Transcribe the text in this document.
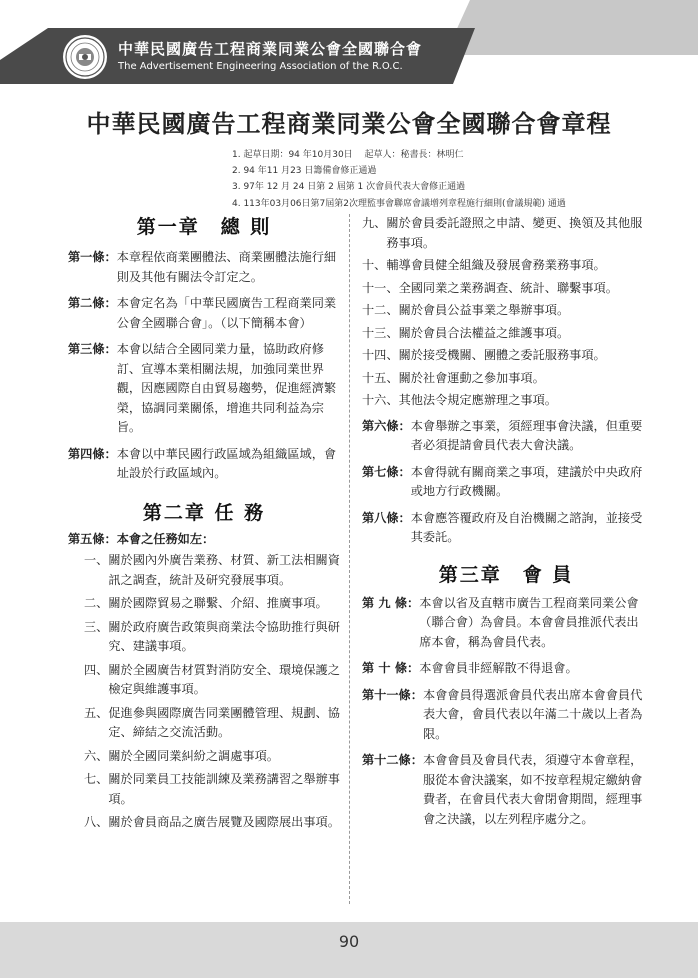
中華民國廣告工程商業同業公會全國聯合會
The Advertisement Engineering Association of the R.O.C.
中華民國廣告工程商業同業公會全國聯合會章程
1. 起草日期：94 年10月30日　 起草人：秘書長：林明仁
2. 94 年11 月23 日籌備會修正通過
3. 97年 12 月 24 日第 2 屆第 1 次會員代表大會修正通過
4. 113年03月06日第7屆第2次理監事會聯席會議增列章程施行細則(會議規範) 通過
第一章　總 則
第一條： 本章程依商業團體法、商業團體法施行細則及其他有關法令訂定之。
第二條： 本會定名為「中華民國廣告工程商業同業公會全國聯合會」。（以下簡稱本會）
第三條： 本會以結合全國同業力量，協助政府修訂、宣導本業相關法規，加強同業世界觀，因應國際自由貿易趨勢，促進經濟繁榮，協調同業關係，增進共同利益為宗旨。
第四條： 本會以中華民國行政區域為組織區域，會址設於行政區域內。
第二章 任 務
第五條：本會之任務如左：
一、 關於國內外廣告業務、材質、新工法相關資訊之調查，統計及研究發展事項。
二、 關於國際貿易之聯繫、介紹、推廣事項。
三、 關於政府廣告政策與商業法令協助推行與研究、建議事項。
四、 關於全國廣告材質對消防安全、環境保護之檢定與維護事項。
五、 促進參與國際廣告同業團體管理、規劃、協定、締結之交流活動。
六、 關於全國同業糾紛之調處事項。
七、 關於同業員工技能訓練及業務講習之舉辦事項。
八、 關於會員商品之廣告展覽及國際展出事項。
九、 關於會員委託證照之申請、變更、換領及其他服務事項。
十、 輔導會員健全組織及發展會務業務事項。
十一、 全國同業之業務調查、統計、聯繫事項。
十二、 關於會員公益事業之舉辦事項。
十三、 關於會員合法權益之維護事項。
十四、 關於接受機關、團體之委託服務事項。
十五、 關於社會運動之參加事項。
十六、 其他法令規定應辦理之事項。
第六條： 本會舉辦之事業，須經理事會決議，但重要者必須提請會員代表大會決議。
第七條： 本會得就有關商業之事項，建議於中央政府或地方行政機關。
第八條： 本會應答覆政府及自治機關之諮詢，並接受其委託。
第三章　會 員
第 九 條： 本會以省及直轄市廣告工程商業同業公會（聯合會）為會員。本會會員推派代表出席本會，稱為會員代表。
第 十 條： 本會會員非經解散不得退會。
第十一條： 本會會員得選派會員代表出席本會會員代表大會，會員代表以年滿二十歲以上者為限。
第十二條： 本會會員及會員代表，須遵守本會章程，服從本會決議案，如不按章程規定繳納會費者，在會員代表大會閉會期間，經理事會之決議，以左列程序處分之。
90
